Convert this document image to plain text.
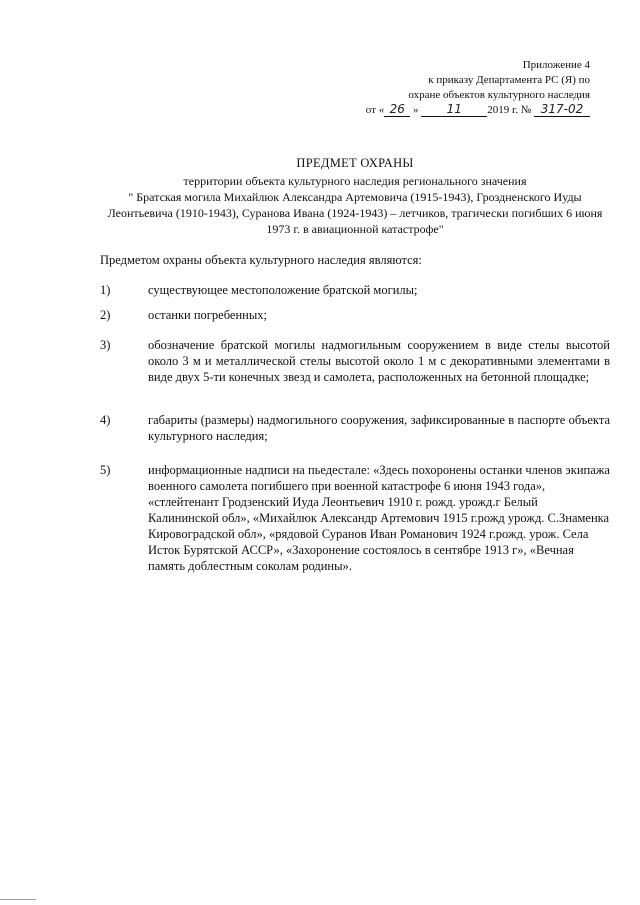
Приложение 4
к приказу Департамента РС (Я) по
охране объектов культурного наследия
от « 26 » 11 2019 г. № 317-02
ПРЕДМЕТ ОХРАНЫ
территории объекта культурного наследия регионального значения
" Братская могила Михайлюк Александра Артемовича (1915-1943), Гроздненского Иуды
Леонтьевича (1910-1943), Суранова Ивана (1924-1943) – летчиков, трагически погибших 6 июня
1973 г. в авиационной катастрофе"
Предметом охраны объекта культурного наследия являются:
1)	существующее местоположение братской могилы;
2)	останки погребенных;
3)	обозначение братской могилы надмогильным сооружением в виде стелы высотой около 3 м и металлической стелы высотой около 1 м с декоративными элементами в виде двух 5-ти конечных звезд и самолета, расположенных на бетонной площадке;
4)	габариты (размеры) надмогильного сооружения, зафиксированные в паспорте объекта культурного наследия;
5)	информационные надписи на пьедестале: «Здесь похоронены останки членов экипажа военного самолета погибшего при военной катастрофе 6 июня 1943 года», «стлейтенант Гродзенский Иуда Леонтьевич 1910 г. рожд. урожд.г Белый Калининской обл», «Михайлюк Александр Артемович 1915 г.рожд урожд. С.Знаменка Кировоградской обл», «рядовой Суранов Иван Романович 1924 г.рожд. урож. Села Исток Бурятской АССР», «Захоронение состоялось в сентябре 1913 г», «Вечная память доблестным соколам родины».
